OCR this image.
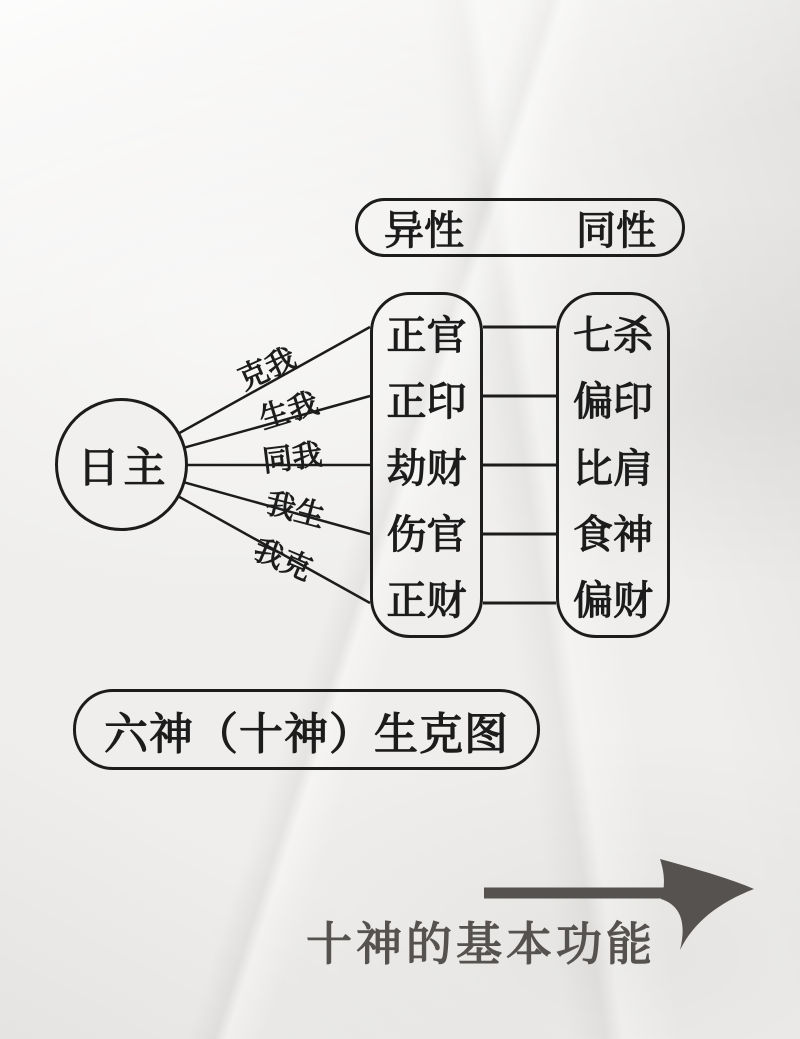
异性	同性
日主
克我
生我
同我
我生
我克
正官
正印
劫财
伤官
正财
七杀
偏印
比肩
食神
偏财
六神（十神）生克图
十神的基本功能
